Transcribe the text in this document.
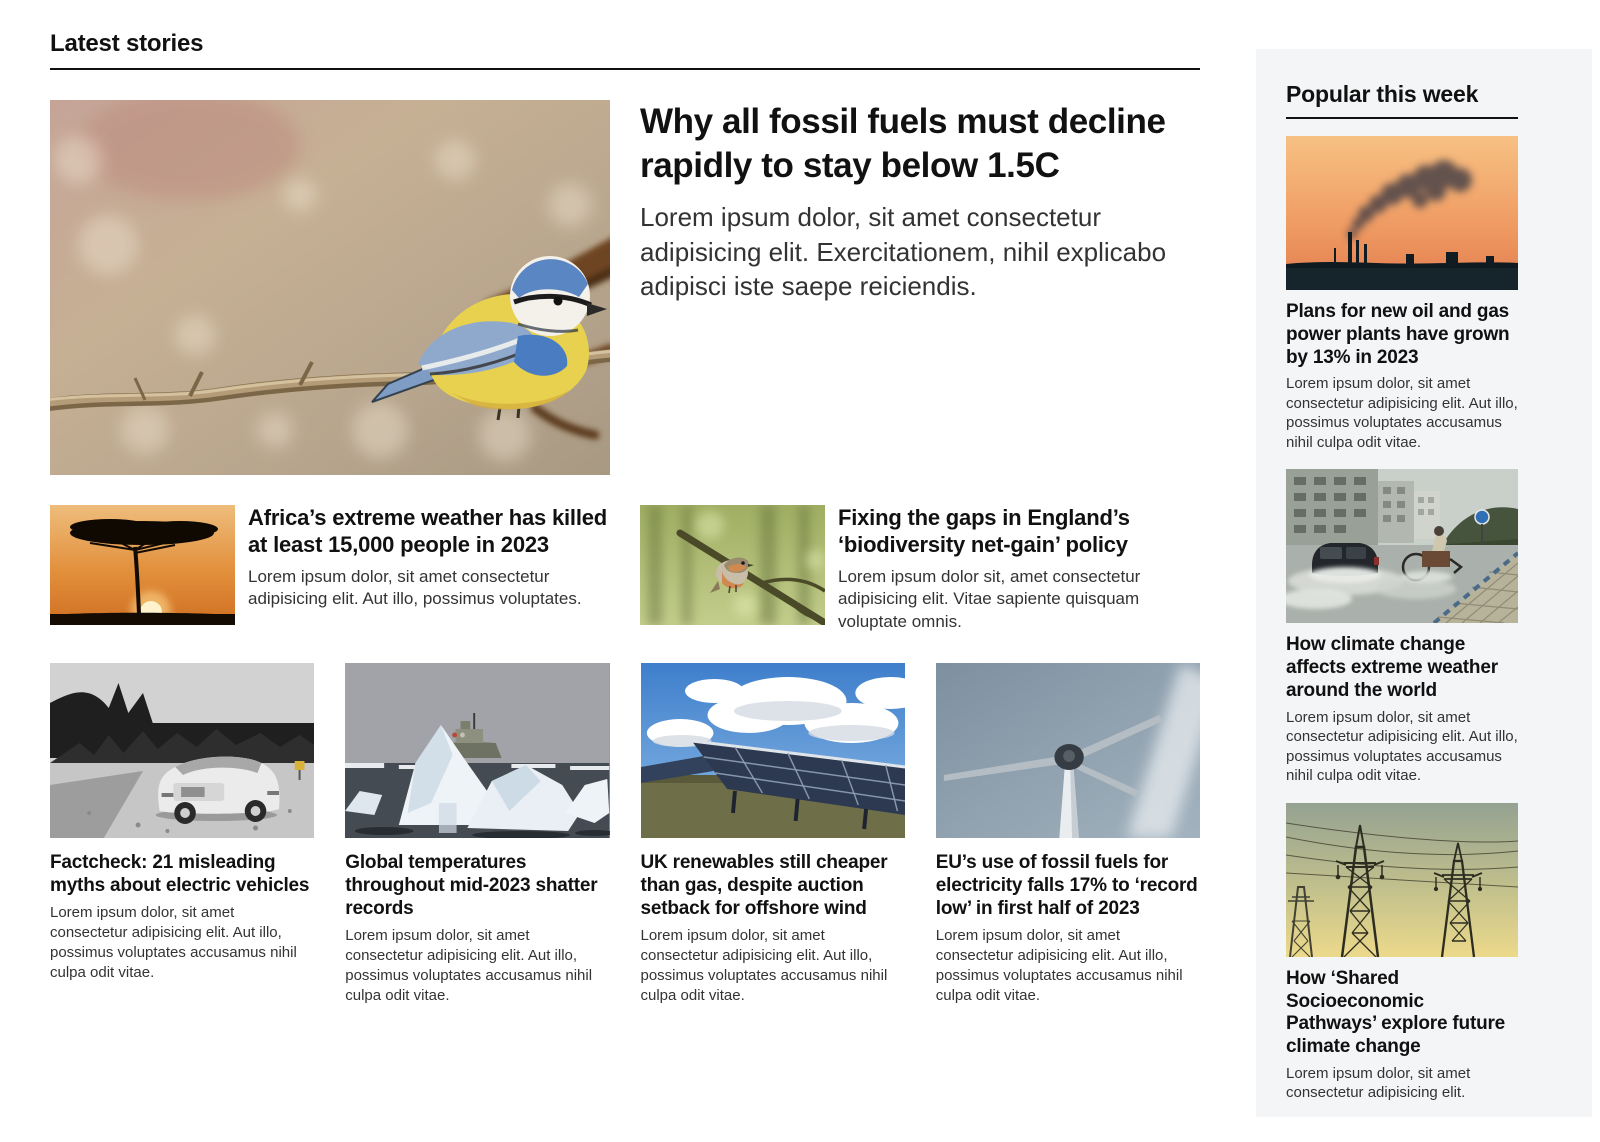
Latest stories
Why all fossil fuels must decline rapidly to stay below 1.5C

Lorem ipsum dolor, sit amet consectetur adipisicing elit. Exercitationem, nihil explicabo adipisci iste saepe reiciendis.

Africa’s extreme weather has killed at least 15,000 people in 2023

Lorem ipsum dolor, sit amet consectetur adipisicing elit. Aut illo, possimus voluptates.

Fixing the gaps in England’s ‘biodiversity net-gain’ policy

Lorem ipsum dolor sit, amet consectetur adipisicing elit. Vitae sapiente quisquam voluptate omnis.

Factcheck: 21 misleading myths about electric vehicles

Lorem ipsum dolor, sit amet consectetur adipisicing elit. Aut illo, possimus voluptates accusamus nihil culpa odit vitae.

Global temperatures throughout mid-2023 shatter records

Lorem ipsum dolor, sit amet consectetur adipisicing elit. Aut illo, possimus voluptates accusamus nihil culpa odit vitae.

UK renewables still cheaper than gas, despite auction setback for offshore wind

Lorem ipsum dolor, sit amet consectetur adipisicing elit. Aut illo, possimus voluptates accusamus nihil culpa odit vitae.

EU’s use of fossil fuels for electricity falls 17% to ‘record low’ in first half of 2023

Lorem ipsum dolor, sit amet consectetur adipisicing elit. Aut illo, possimus voluptates accusamus nihil culpa odit vitae.

Popular this week
Plans for new oil and gas power plants have grown by 13% in 2023

Lorem ipsum dolor, sit amet consectetur adipisicing elit. Aut illo, possimus voluptates accusamus nihil culpa odit vitae.

How climate change affects extreme weather around the world

Lorem ipsum dolor, sit amet consectetur adipisicing elit. Aut illo, possimus voluptates accusamus nihil culpa odit vitae.

How ‘Shared Socioeconomic Pathways’ explore future climate change

Lorem ipsum dolor, sit amet consectetur adipisicing elit.
